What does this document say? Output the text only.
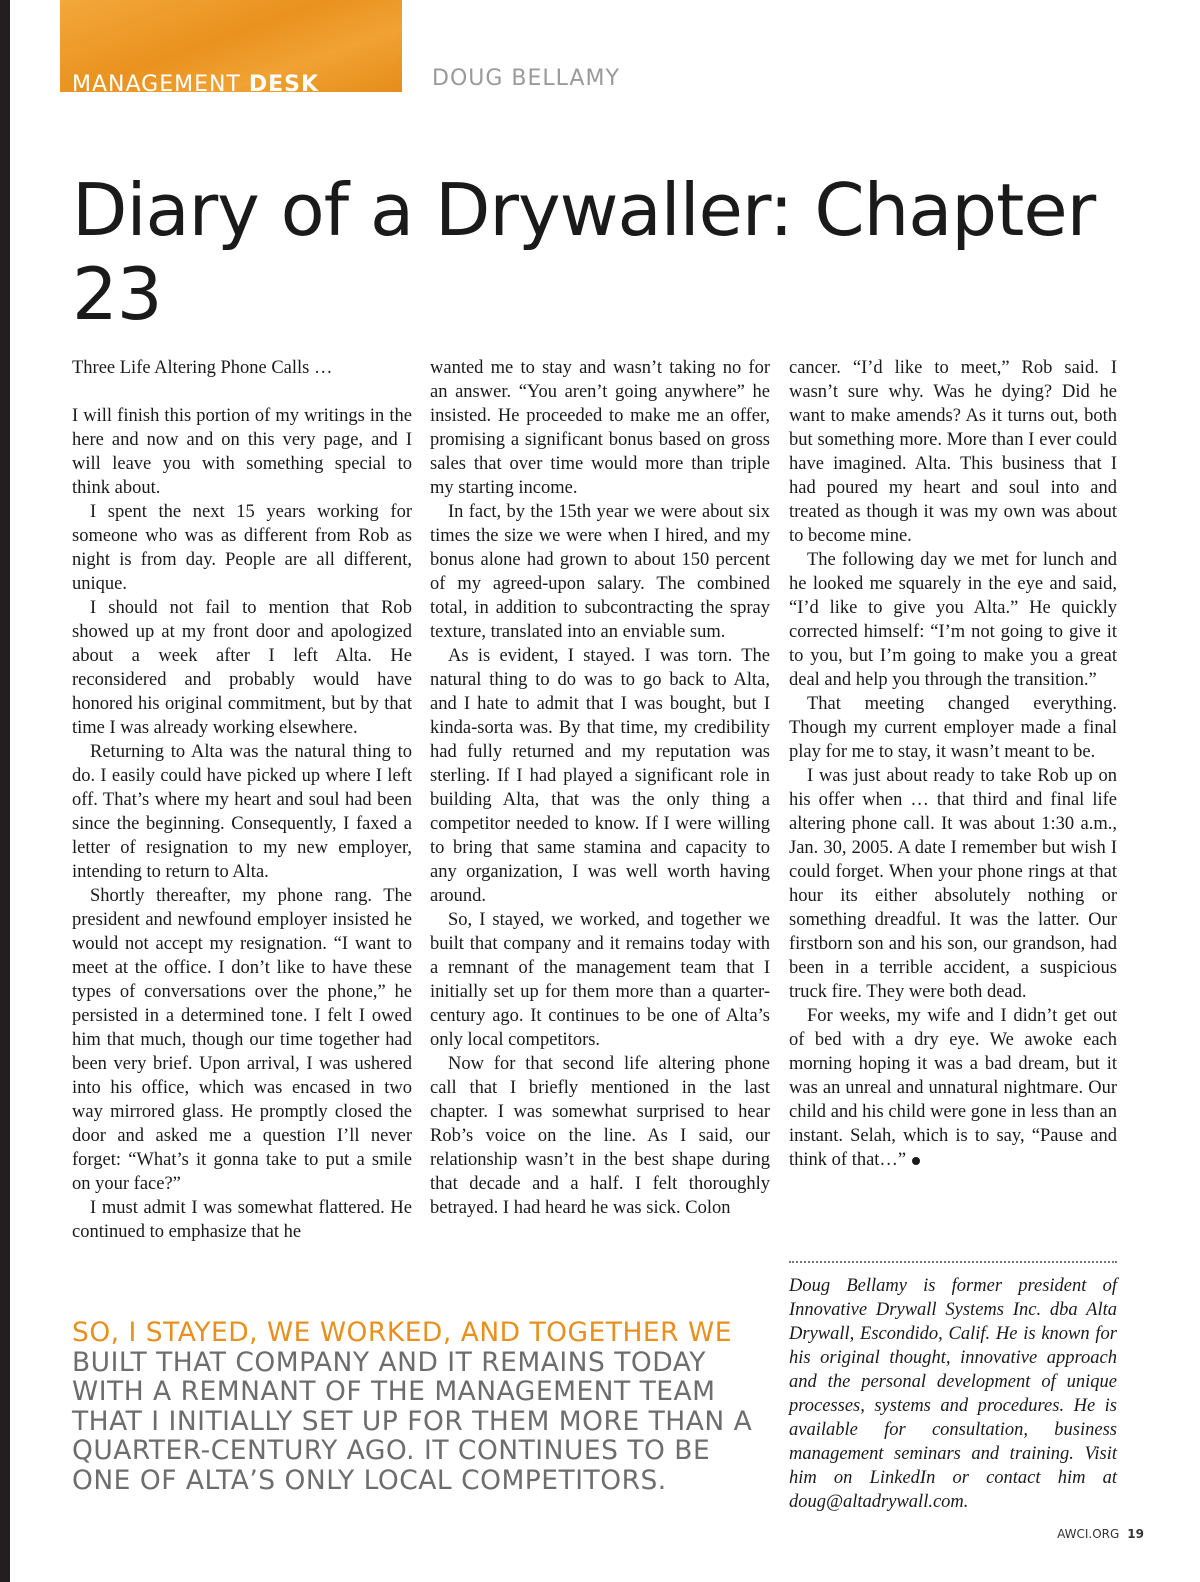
MANAGEMENT DESK	DOUG BELLAMY
Diary of a Drywaller: Chapter 23

Three Life Altering Phone Calls …

I will finish this portion of my writings in the here and now and on this very page, and I will leave you with something special to think about.

I spent the next 15 years working for someone who was as different from Rob as night is from day. People are all different, unique.

I should not fail to mention that Rob showed up at my front door and apologized about a week after I left Alta. He reconsidered and probably would have honored his original commitment, but by that time I was already working elsewhere.

Returning to Alta was the natural thing to do. I easily could have picked up where I left off. That’s where my heart and soul had been since the beginning. Consequently, I faxed a letter of resignation to my new employer, intending to return to Alta.

Shortly thereafter, my phone rang. The president and newfound employer insisted he would not accept my resignation. “I want to meet at the office. I don’t like to have these types of conversations over the phone,” he persisted in a determined tone. I felt I owed him that much, though our time together had been very brief. Upon arrival, I was ushered into his office, which was encased in two way mirrored glass. He promptly closed the door and asked me a question I’ll never forget: “What’s it gonna take to put a smile on your face?”

I must admit I was somewhat flattered. He continued to emphasize that he

wanted me to stay and wasn’t taking no for an answer. “You aren’t going anywhere” he insisted. He proceeded to make me an offer, promising a significant bonus based on gross sales that over time would more than triple my starting income.

In fact, by the 15th year we were about six times the size we were when I hired, and my bonus alone had grown to about 150 percent of my agreed-upon salary. The combined total, in addition to subcontracting the spray texture, translated into an enviable sum.

As is evident, I stayed. I was torn. The natural thing to do was to go back to Alta, and I hate to admit that I was bought, but I kinda-sorta was. By that time, my credibility had fully returned and my reputation was sterling. If I had played a significant role in building Alta, that was the only thing a competitor needed to know. If I were willing to bring that same stamina and capacity to any organization, I was well worth having around.

So, I stayed, we worked, and together we built that company and it remains today with a remnant of the management team that I initially set up for them more than a quarter-century ago. It continues to be one of Alta’s only local competitors.

Now for that second life altering phone call that I briefly mentioned in the last chapter. I was somewhat surprised to hear Rob’s voice on the line. As I said, our relationship wasn’t in the best shape during that decade and a half. I felt thoroughly betrayed. I had heard he was sick. Colon

cancer. “I’d like to meet,” Rob said. I wasn’t sure why. Was he dying? Did he want to make amends? As it turns out, both but something more. More than I ever could have imagined. Alta. This business that I had poured my heart and soul into and treated as though it was my own was about to become mine.

The following day we met for lunch and he looked me squarely in the eye and said, “I’d like to give you Alta.” He quickly corrected himself: “I’m not going to give it to you, but I’m going to make you a great deal and help you through the transition.”

That meeting changed everything. Though my current employer made a final play for me to stay, it wasn’t meant to be.

I was just about ready to take Rob up on his offer when … that third and final life altering phone call. It was about 1:30 a.m., Jan. 30, 2005. A date I remember but wish I could forget. When your phone rings at that hour its either absolutely nothing or something dreadful. It was the latter. Our firstborn son and his son, our grandson, had been in a terrible accident, a suspicious truck fire. They were both dead.

For weeks, my wife and I didn’t get out of bed with a dry eye. We awoke each morning hoping it was a bad dream, but it was an unreal and unnatural nightmare. Our child and his child were gone in less than an instant. Selah, which is to say, “Pause and think of that…”

Doug Bellamy is former president of Innovative Drywall Systems Inc. dba Alta Drywall, Escondido, Calif. He is known for his original thought, innovative approach and the personal development of unique processes, systems and procedures. He is available for consultation, business management seminars and training. Visit him on LinkedIn or contact him at doug@altadrywall.com.

SO, I STAYED, WE WORKED, AND TOGETHER WE BUILT THAT COMPANY AND IT REMAINS TODAY WITH A REMNANT OF THE MANAGEMENT TEAM THAT I INITIALLY SET UP FOR THEM MORE THAN A QUARTER-CENTURY AGO. IT CONTINUES TO BE ONE OF ALTA’S ONLY LOCAL COMPETITORS.
AWCI.ORG 19
